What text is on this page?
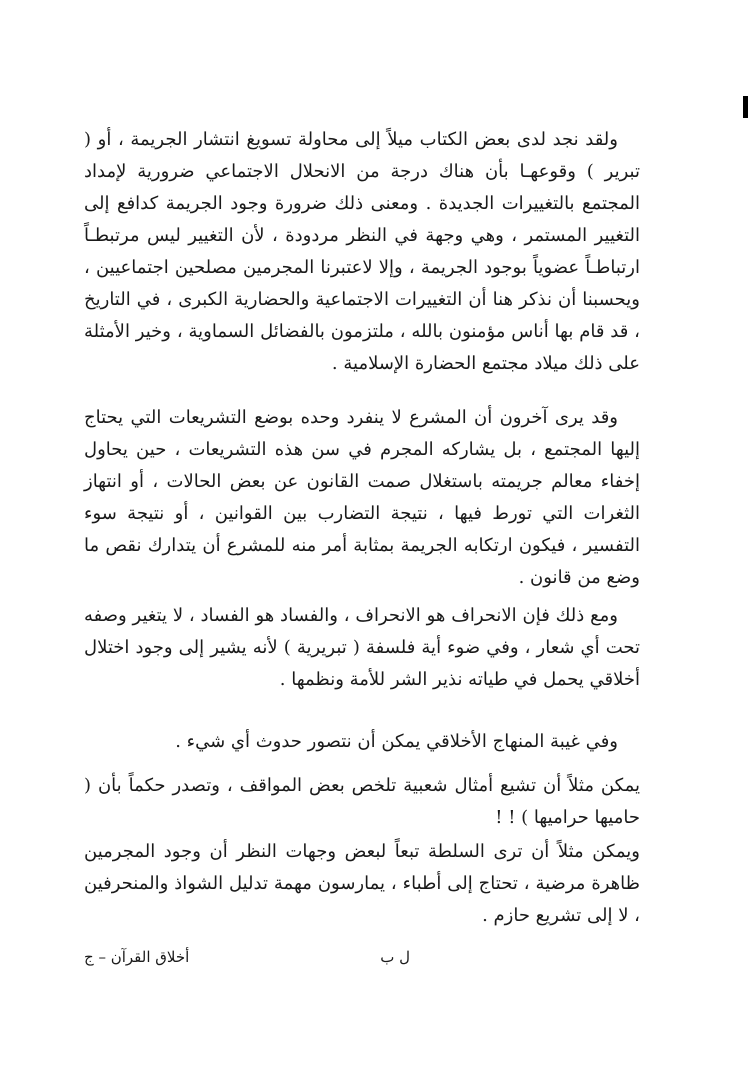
ولقد نجد لدى بعض الكتاب ميلاً إلى محاولة تسويغ انتشار الجريمة ، أو ( تبرير ) وقوعهـا بأن هناك درجة من الانحلال الاجتماعي ضرورية لإمداد المجتمع بالتغييرات الجديدة . ومعنى ذلك ضرورة وجود الجريمة كدافع إلى التغيير المستمر ، وهي وجهة في النظر مردودة ، لأن التغيير ليس مرتبطـاً ارتباطـاً عضوياً بوجود الجريمة ، وإلا لاعتبرنا المجرمين مصلحين اجتماعيين ، ويحسبنا أن نذكر هنا أن التغييرات الاجتماعية والحضارية الكبرى ، في التاريخ ، قد قام بها أناس مؤمنون بالله ، ملتزمون بالفضائل السماوية ، وخير الأمثلة على ذلك ميلاد مجتمع الحضارة الإسلامية .

وقد يرى آخرون أن المشرع لا ينفرد وحده بوضع التشريعات التي يحتاج إليها المجتمع ، بل يشاركه المجرم في سن هذه التشريعات ، حين يحاول إخفاء معالم جريمته باستغلال صمت القانون عن بعض الحالات ، أو انتهاز الثغرات التي تورط فيها ، نتيجة التضارب بين القوانين ، أو نتيجة سوء التفسير ، فيكون ارتكابه الجريمة بمثابة أمر منه للمشرع أن يتدارك نقص ما وضع من قانون .

ومع ذلك فإن الانحراف هو الانحراف ، والفساد هو الفساد ، لا يتغير وصفه تحت أي شعار ، وفي ضوء أية فلسفة ( تبريرية ) لأنه يشير إلى وجود اختلال أخلاقي يحمل في طياته نذير الشر للأمة ونظمها .

وفي غيبة المنهاج الأخلاقي يمكن أن نتصور حدوث أي شيء .

يمكن مثلاً أن تشيع أمثال شعبية تلخص بعض المواقف ، وتصدر حكماً بأن ( حاميها حراميها ) ! !

ويمكن مثلاً أن ترى السلطة تبعاً لبعض وجهات النظر أن وجود المجرمين ظاهرة مرضية ، تحتاج إلى أطباء ، يمارسون مهمة تدليل الشواذ والمنحرفين ، لا إلى تشريع حازم .

ل ب
أخلاق القرآن – ج
